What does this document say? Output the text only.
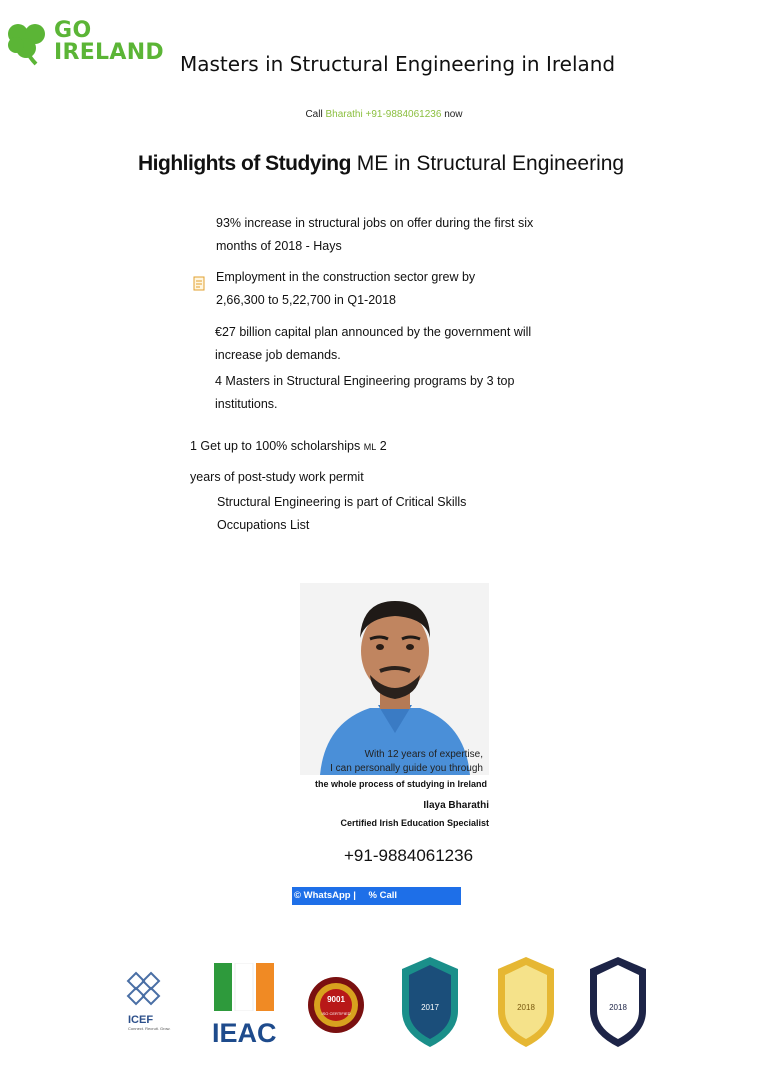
GO
IRELAND Masters in Structural Engineering in Ireland
Call Bharathi +91-9884061236 now
Highlights of Studying ME in Structural Engineering
93% increase in structural jobs on offer during the first six
months of 2018 - Hays
Employment in the construction sector grew by
2,66,300 to 5,22,700 in Q1-2018
€27 billion capital plan announced by the government will
increase job demands.
4 Masters in Structural Engineering programs by 3 top
institutions.
1 Get up to 100% scholarships ML 2
years of post-study work permit
Structural Engineering is part of Critical Skills
Occupations List
With 12 years of expertise,
I can personally guide you through
the whole process of studying in Ireland
Ilaya Bharathi
Certified Irish Education Specialist
+91-9884061236
© WhatsApp | % Call
ICEF
Connect. Recruit. Grow. IEAC
9001
ISO CERTIFIED
2017	2018	2018
